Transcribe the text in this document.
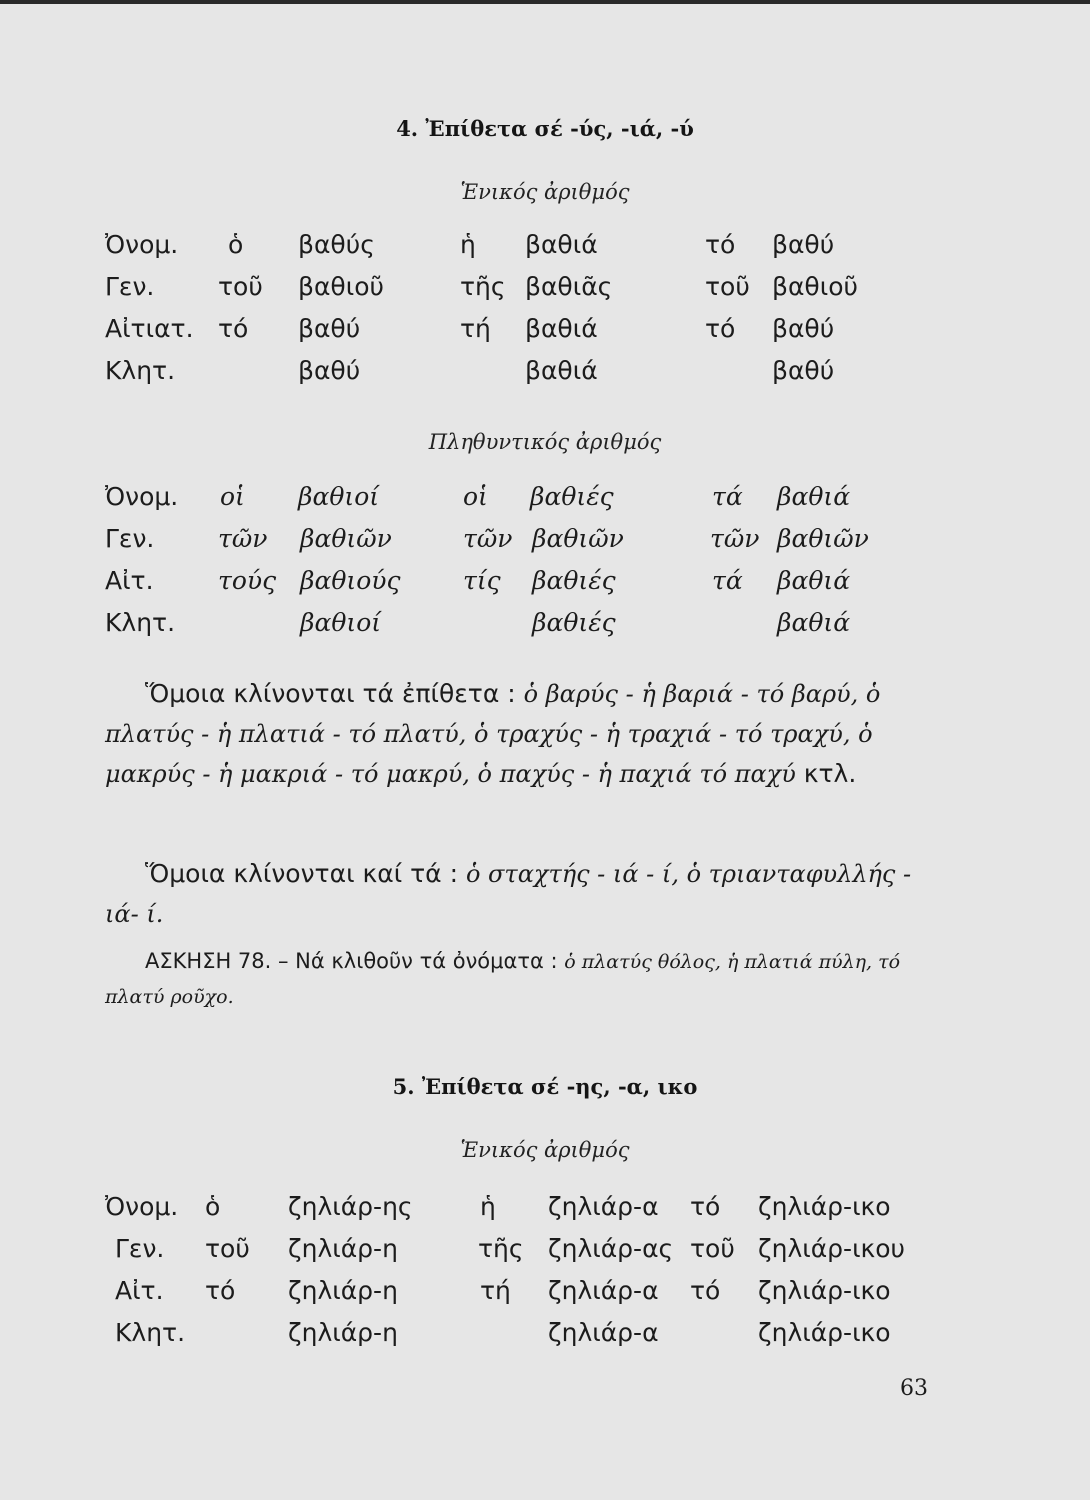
4. Ἐπίθετα σέ -ύς, -ιά, -ύ
Ἑνικός ἀριθμός
Ὀνομ. ὁ βαθύς	ἡ βαθιά	τό βαθύ
Γεν.	τοῦ βαθιοῦ	τῆς βαθιᾶς	τοῦ βαθιοῦ
Αἰτιατ. τό βαθύ	τή βαθιά	τό βαθύ
Κλητ.	βαθύ	βαθιά	βαθύ
Πληθυντικός ἀριθμός
Ὀνομ. οἱ βαθιοί	οἱ βαθιές	τά βαθιά
Γεν.	τῶν βαθιῶν	τῶν βαθιῶν	τῶν βαθιῶν
Αἰτ.	τούς βαθιούς	τίς βαθιές	τά βαθιά
Κλητ.	βαθιοί	βαθιές	βαθιά
Ὅμοια κλίνονται τά ἐπίθετα : ὁ βαρύς - ἡ βαριά - τό βαρύ, ὁ πλατύς - ἡ πλατιά - τό πλατύ, ὁ τραχύς - ἡ τραχιά - τό τραχύ, ὁ μακρύς - ἡ μακριά - τό μακρύ, ὁ παχύς - ἡ παχιά τό παχύ κτλ.
Ὅμοια κλίνονται καί τά : ὁ σταχτής - ιά - ί, ὁ τριανταφυλλής - ιά- ί.
ΑΣΚΗΣΗ 78. – Νά κλιθοῦν τά ὀνόματα : ὁ πλατύς θόλος, ἡ πλατιά πύλη, τό πλατύ ροῦχο.
5. Ἐπίθετα σέ -ης, -α, ικο
Ἑνικός ἀριθμός
Ὀνομ. ὁ	ζηλιάρ-ης	ἡ ζηλιάρ-α τό ζηλιάρ-ικο
Γεν. τοῦ ζηλιάρ-η	τῆς ζηλιάρ-ας τοῦ ζηλιάρ-ικου
Αἰτ. τό ζηλιάρ-η	τή ζηλιάρ-α τό ζηλιάρ-ικο
Κλητ.	ζηλιάρ-η	ζηλιάρ-α	ζηλιάρ-ικο
63
